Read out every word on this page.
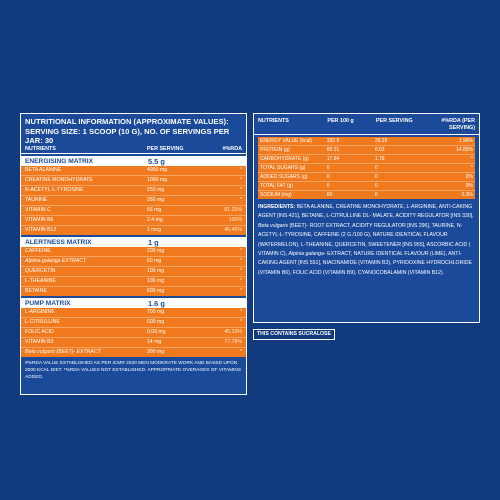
NUTRITIONAL INFORMATION (APPROXIMATE VALUES):
SERVING SIZE: 1 SCOOP (10 G), NO. OF SERVINGS PER JAR: 30
NUTRIENTS	PER SERVING	#%RDA
ENERGISING MATRIX	5.5 g
BETA ALANINE	4000 mg	*
CREATINE MONOHYDRATE	1000 mg	*
N-ACETYL-L-TYROSINE	250 mg	*
TAURINE	250 mg	*
VITAMIN C	65 mg	81.25%
VITAMIN B6	2.4 mg	100%
VITAMIN B12	1 mcg	45.45%
ALERTNESS MATRIX	1 g
CAFFEINE	200 mg	*
Alpinia galanga EXTRACT	50 mg	*
QUERCETIN	100 mg	*
L-THEANINE	100 mg	*
BETAINE	600 mg	*
PUMP MATRIX	1.6 g
L-ARGININE	700 mg	*
L-CITRULLINE	600 mg	*
FOLIC ACID	0.09 mg	45.33%
VITAMIN B3	14 mg	77.78%
Beta vulgaris (BEET)- EXTRACT	300 mg	*
#%RDA VALUE ESTABLISHED AS PER ICMR 2020 MEN MODERATE WORK AND BASED UPON 2000 KCAL DIET. *%RDA VALUES NOT ESTABLISHED. APPROPRIATE OVERAGES OF VITAMINS ADDED.
NUTRIENTS	PER 100 g	PER SERVING	#%RDA (PER SERVING)
ENERGY VALUE (kcal)	392.8	39.28	1.96%
PROTEIN (g)	60.31	6.03	14.85%
CARBOHYDRATE (g)	17.84	1.78	*
TOTAL SUGARS (g)	0	0	*
ADDED SUGARS (g)	0	0	0%
TOTAL FAT (g)	0	0	0%
SODIUM (mg)	60	6	0.3%
INGREDIENTS: BETA ALANINE, CREATINE MONOHYDRATE, L-ARGININE, ANTI-CAKING AGENT [INS 421], BETAINE, L-CITRULLINE DL- MALATE, ACIDITY REGULATOR [INS 330], Beta vulgaris (BEET)- ROOT EXTRACT, ACIDITY REGULATOR [INS 296], TAURINE, N-ACETYL-L-TYROSINE, CAFFEINE (2 G /100 G), NATURE IDENTICAL FLAVOUR (WATERMELON), L-THEANINE, QUERCETIN, SWEETENER [INS 955], ASCORBIC ACID ( VITAMIN C), Alpinia galanga- EXTRACT, NATURE IDENTICAL FLAVOUR (LIME), ANTI-CAKING AGENT [INS 551], NIACINAMIDE (VITAMIN B3), PYRIDOXINE HYDROCHLORIDE (VITAMIN B6), FOLIC ACID (VITAMIN B9), CYANOCOBALAMIN (VITAMIN B12).
THIS CONTAINS SUCRALOSE
